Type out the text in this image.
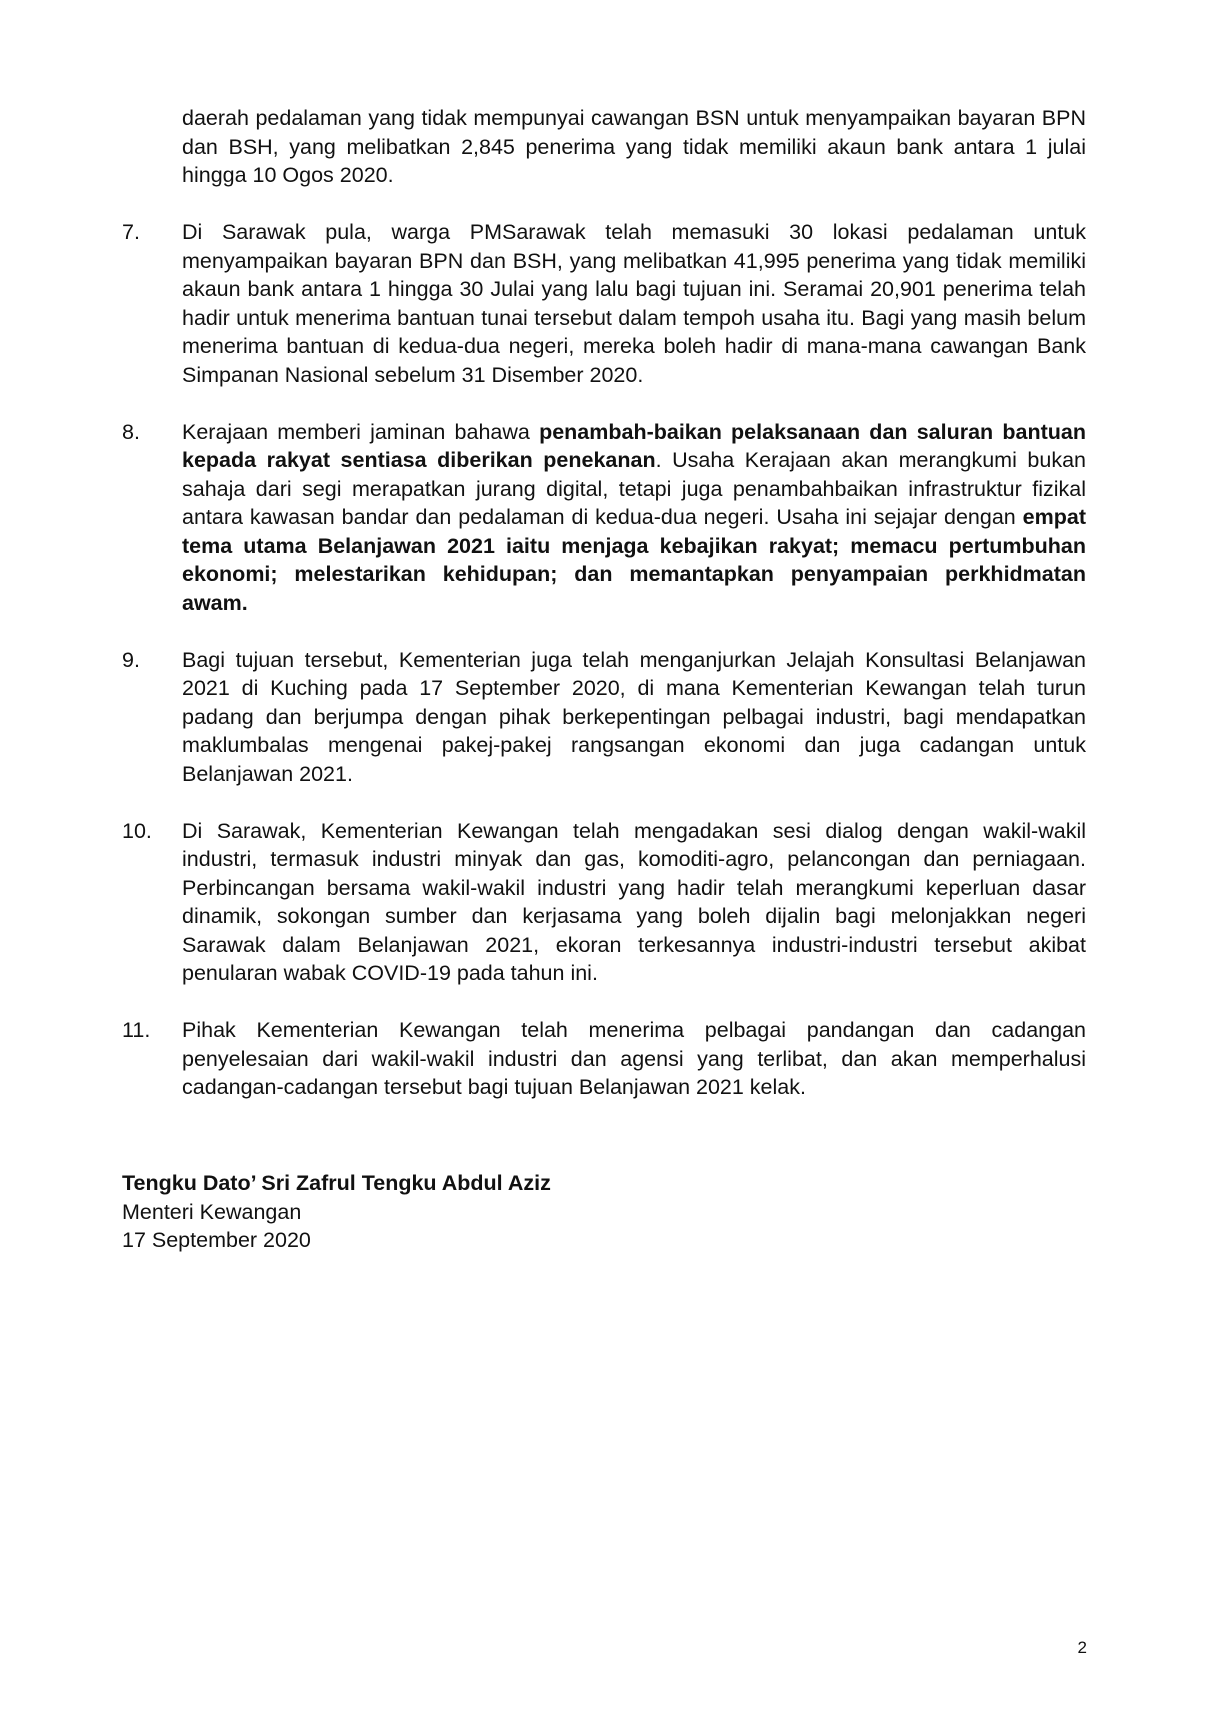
daerah pedalaman yang tidak mempunyai cawangan BSN untuk menyampaikan bayaran BPN dan BSH, yang melibatkan 2,845 penerima yang tidak memiliki akaun bank antara 1 julai hingga 10 Ogos 2020.
7.	Di Sarawak pula, warga PMSarawak telah memasuki 30 lokasi pedalaman untuk menyampaikan bayaran BPN dan BSH, yang melibatkan 41,995 penerima yang tidak memiliki akaun bank antara 1 hingga 30 Julai yang lalu bagi tujuan ini. Seramai 20,901 penerima telah hadir untuk menerima bantuan tunai tersebut dalam tempoh usaha itu. Bagi yang masih belum menerima bantuan di kedua-dua negeri, mereka boleh hadir di mana-mana cawangan Bank Simpanan Nasional sebelum 31 Disember 2020.
8.	Kerajaan memberi jaminan bahawa penambah-baikan pelaksanaan dan saluran bantuan kepada rakyat sentiasa diberikan penekanan. Usaha Kerajaan akan merangkumi bukan sahaja dari segi merapatkan jurang digital, tetapi juga penambahbaikan infrastruktur fizikal antara kawasan bandar dan pedalaman di kedua-dua negeri. Usaha ini sejajar dengan empat tema utama Belanjawan 2021 iaitu menjaga kebajikan rakyat; memacu pertumbuhan ekonomi; melestarikan kehidupan; dan memantapkan penyampaian perkhidmatan awam.
9.	Bagi tujuan tersebut, Kementerian juga telah menganjurkan Jelajah Konsultasi Belanjawan 2021 di Kuching pada 17 September 2020, di mana Kementerian Kewangan telah turun padang dan berjumpa dengan pihak berkepentingan pelbagai industri, bagi mendapatkan maklumbalas mengenai pakej-pakej rangsangan ekonomi dan juga cadangan untuk Belanjawan 2021.
10.	Di Sarawak, Kementerian Kewangan telah mengadakan sesi dialog dengan wakil-wakil industri, termasuk industri minyak dan gas, komoditi-agro, pelancongan dan perniagaan. Perbincangan bersama wakil-wakil industri yang hadir telah merangkumi keperluan dasar dinamik, sokongan sumber dan kerjasama yang boleh dijalin bagi melonjakkan negeri Sarawak dalam Belanjawan 2021, ekoran terkesannya industri-industri tersebut akibat penularan wabak COVID-19 pada tahun ini.
11.	Pihak Kementerian Kewangan telah menerima pelbagai pandangan dan cadangan penyelesaian dari wakil-wakil industri dan agensi yang terlibat, dan akan memperhalusi cadangan-cadangan tersebut bagi tujuan Belanjawan 2021 kelak.
Tengku Dato’ Sri Zafrul Tengku Abdul Aziz
Menteri Kewangan
17 September 2020
2
